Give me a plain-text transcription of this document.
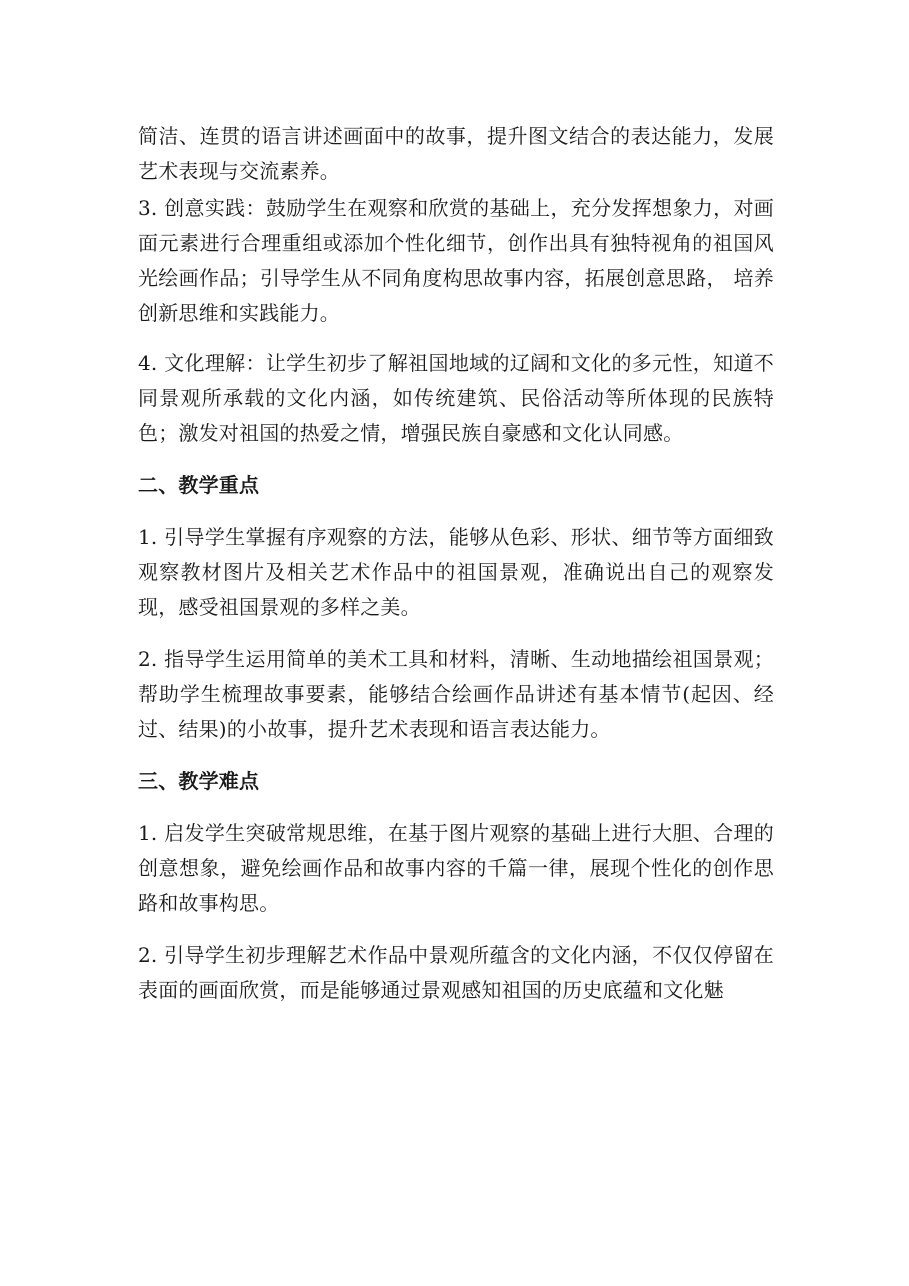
简洁、连贯的语言讲述画面中的故事，提升图文结合的表达能力，发展艺术表现与交流素养。

3. 创意实践：鼓励学生在观察和欣赏的基础上，充分发挥想象力，对画面元素进行合理重组或添加个性化细节，创作出具有独特视角的祖国风光绘画作品；引导学生从不同角度构思故事内容，拓展创意思路， 培养创新思维和实践能力。

4. 文化理解：让学生初步了解祖国地域的辽阔和文化的多元性，知道不同景观所承载的文化内涵，如传统建筑、民俗活动等所体现的民族特色；激发对祖国的热爱之情，增强民族自豪感和文化认同感。

二、教学重点

1. 引导学生掌握有序观察的方法，能够从色彩、形状、细节等方面细致观察教材图片及相关艺术作品中的祖国景观，准确说出自己的观察发现，感受祖国景观的多样之美。

2. 指导学生运用简单的美术工具和材料，清晰、生动地描绘祖国景观；帮助学生梳理故事要素，能够结合绘画作品讲述有基本情节(起因、经过、结果)的小故事，提升艺术表现和语言表达能力。

三、教学难点

1. 启发学生突破常规思维，在基于图片观察的基础上进行大胆、合理的创意想象，避免绘画作品和故事内容的千篇一律，展现个性化的创作思路和故事构思。

2. 引导学生初步理解艺术作品中景观所蕴含的文化内涵，不仅仅停留在表面的画面欣赏，而是能够通过景观感知祖国的历史底蕴和文化魅
